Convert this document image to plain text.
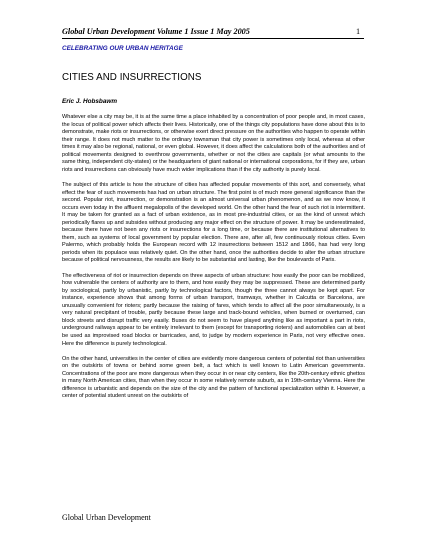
Global Urban Development Volume 1 Issue 1 May 2005	1
CELEBRATING OUR URBAN HERITAGE
CITIES AND INSURRECTIONS
Eric J. Hobsbawm

Whatever else a city may be, it is at the same time a place inhabited by a concentration of poor people and, in most cases, the locus of political power which affects their lives. Historically, one of the things city populations have done about this is to demonstrate, make riots or insurrections, or otherwise exert direct pressure on the authorities who happen to operate within their range. It does not much matter to the ordinary townsman that city power is sometimes only local, whereas at other times it may also be regional, national, or even global. However, it does affect the calculations both of the authorities and of political movements designed to overthrow governments, whether or not the cities are capitals (or what amounts to the same thing, independent city-states) or the headquarters of giant national or international corporations, for if they are, urban riots and insurrections can obviously have much wider implications than if the city authority is purely local.

The subject of this article is how the structure of cities has affected popular movements of this sort, and conversely, what effect the fear of such movements has had on urban structure. The first point is of much more general significance than the second. Popular riot, insurrection, or demonstration is an almost universal urban phenomenon, and as we now know, it occurs even today in the affluent megalopolis of the developed world. On the other hand the fear of such riot is intermittent. It may be taken for granted as a fact of urban existence, as in most pre-industrial cities, or as the kind of unrest which periodically flares up and subsides without producing any major effect on the structure of power. It may be underestimated, because there have not been any riots or insurrections for a long time, or because there are institutional alternatives to them, such as systems of local government by popular election. There are, after all, few continuously riotous cities. Even Palermo, which probably holds the European record with 12 insurrections between 1512 and 1866, has had very long periods when its populace was relatively quiet. On the other hand, once the authorities decide to alter the urban structure because of political nervousness, the results are likely to be substantial and lasting, like the boulevards of Paris.

The effectiveness of riot or insurrection depends on three aspects of urban structure: how easily the poor can be mobilized, how vulnerable the centers of authority are to them, and how easily they may be suppressed. These are determined partly by sociological, partly by urbanistic, partly by technological factors, though the three cannot always be kept apart. For instance, experience shows that among forms of urban transport, tramways, whether in Calcutta or Barcelona, are unusually convenient for rioters; partly because the raising of fares, which tends to affect all the poor simultaneously, is a very natural precipitant of trouble, partly because these large and track-bound vehicles, when burned or overturned, can block streets and disrupt traffic very easily. Buses do not seem to have played anything like as important a part in riots, underground railways appear to be entirely irrelevant to them (except for transporting rioters) and automobiles can at best be used as improvised road blocks or barricades, and, to judge by modern experience in Paris, not very effective ones. Here the difference is purely technological.

On the other hand, universities in the center of cities are evidently more dangerous centers of potential riot than universities on the outskirts of towns or behind some green belt, a fact which is well known to Latin American governments. Concentrations of the poor are more dangerous when they occur in or near city centers, like the 20th-century ethnic ghettos in many North American cities, than when they occur in some relatively remote suburb, as in 19th-century Vienna. Here the difference is urbanistic and depends on the size of the city and the pattern of functional specialization within it. However, a center of potential student unrest on the outskirts of

Global Urban Development
